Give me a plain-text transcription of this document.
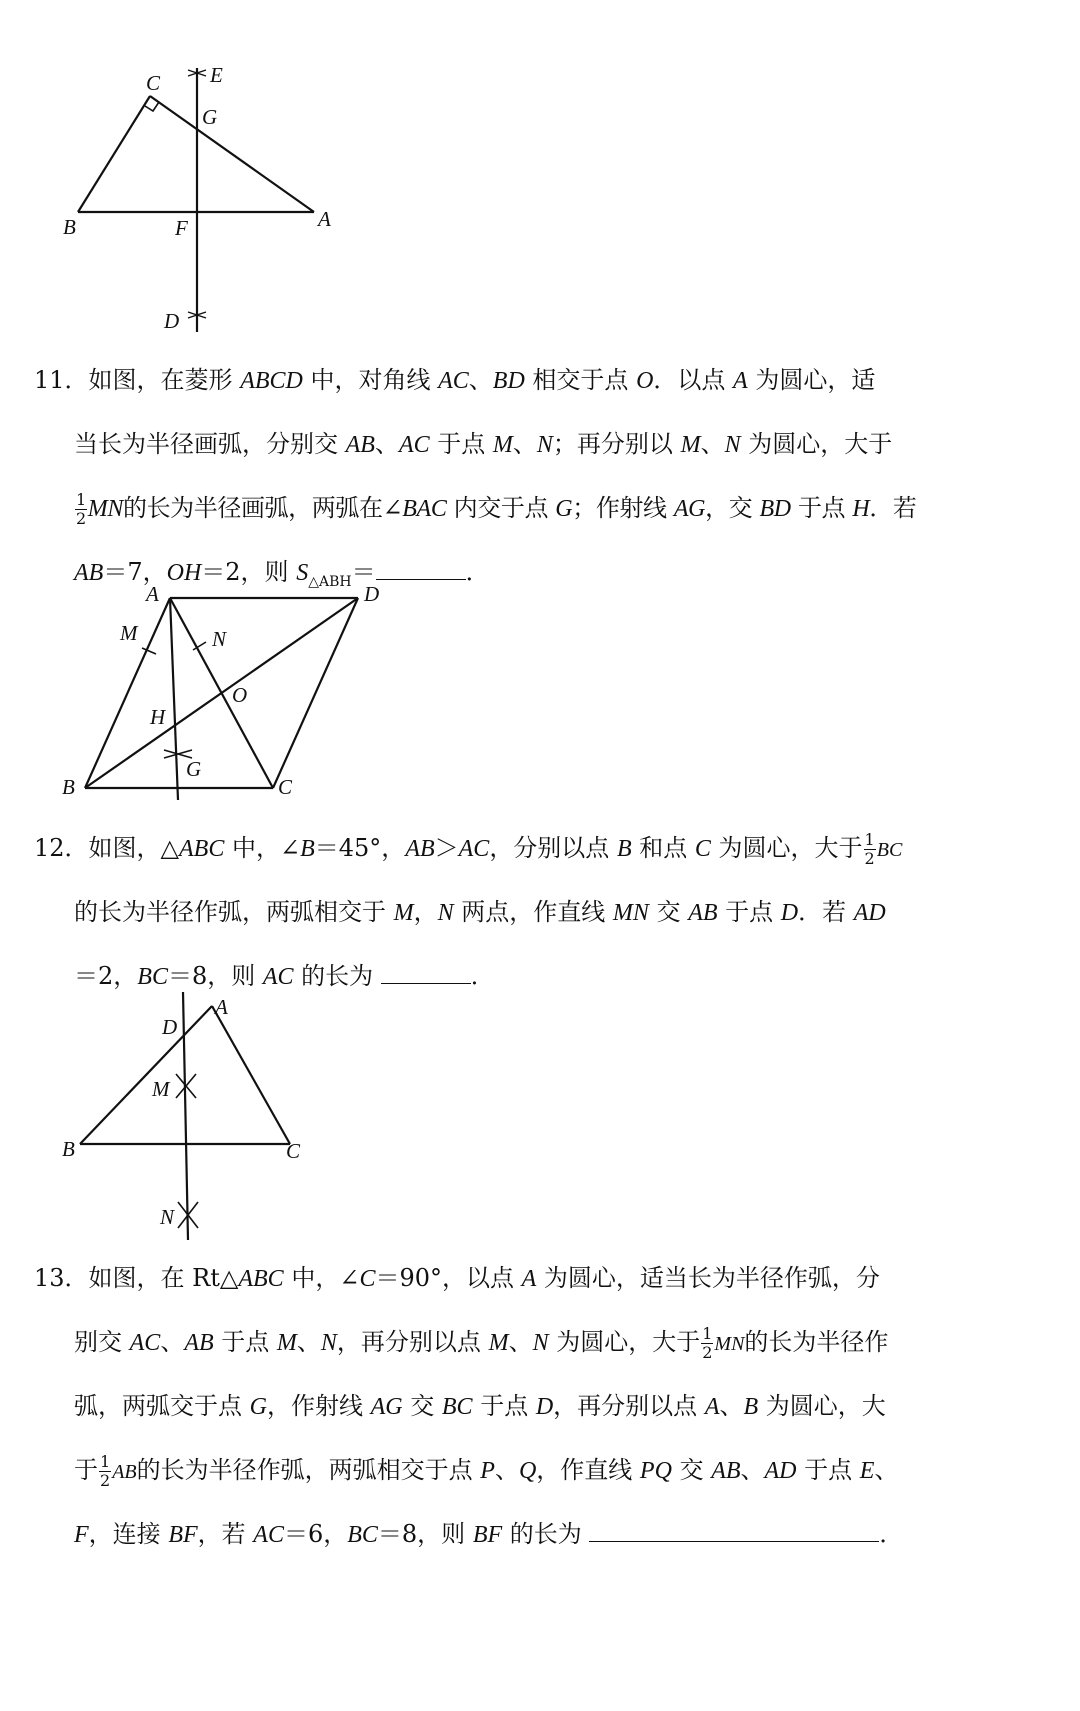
C E
G
B	F	A
D
11．如图，在菱形 ABCD 中，对角线 AC、BD 相交于点 O．以点 A 为圆心，适
当长为半径画弧，分别交 AB、AC 于点 M、N；再分别以 M、N 为圆心，大于
$\frac{1}{2}$ MN的长为半径画弧，两弧在∠BAC 内交于点 G；作射线 AG，交 BD 于点 H．若
AB＝7，OH＝2，则 $S_{\triangle ABH}=$	．
A	D
M	N
O
H
B
G
C
12．如图，△ABC 中，∠B＝45°，AB＞AC，分别以点 B 和点 C 为圆心，大于 $\frac{1}{2}$ BC
的长为半径作弧，两弧相交于 M，N 两点，作直线 MN 交 AB 于点 D．若 AD
＝2，BC＝8，则 AC 的长为	．
D
A
M
B	C
N
13．如图，在 Rt△ABC 中，∠C＝90°，以点 A 为圆心，适当长为半径作弧，分
别交 AC、AB 于点 M、N，再分别以点 M、N 为圆心，大于 $\frac{1}{2}$ MN的长为半径作
弧，两弧交于点 G，作射线 AG 交 BC 于点 D，再分别以点 A、B 为圆心，大
于 $\frac{1}{2}$ AB的长为半径作弧，两弧相交于点 P、Q，作直线 PQ 交 AB、AD 于点 E、
F，连接 BF，若 AC＝6，BC＝8，则 BF 的长为	．
